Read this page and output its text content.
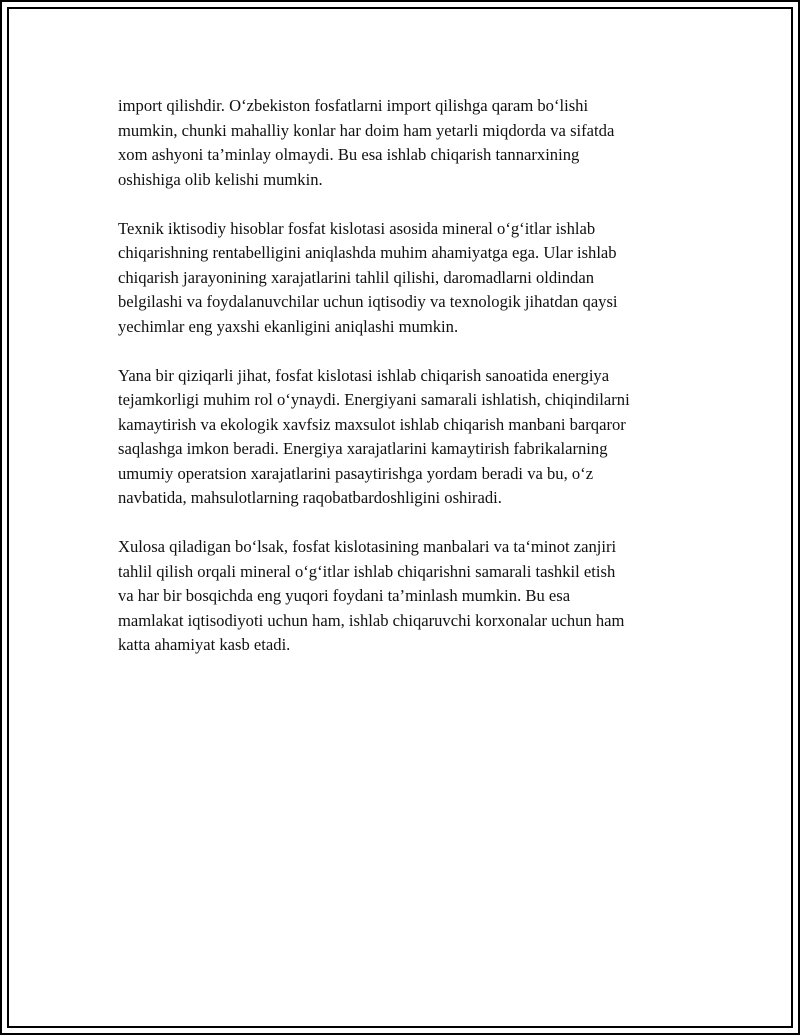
import qilishdir. O‘zbekiston fosfatlarni import qilishga qaram bo‘lishi
mumkin, chunki mahalliy konlar har doim ham yetarli miqdorda va sifatda
xom ashyoni ta’minlay olmaydi. Bu esa ishlab chiqarish tannarxining
oshishiga olib kelishi mumkin.

Texnik iktisodiy hisoblar fosfat kislotasi asosida mineral o‘g‘itlar ishlab
chiqarishning rentabelligini aniqlashda muhim ahamiyatga ega. Ular ishlab
chiqarish jarayonining xarajatlarini tahlil qilishi, daromadlarni oldindan
belgilashi va foydalanuvchilar uchun iqtisodiy va texnologik jihatdan qaysi
yechimlar eng yaxshi ekanligini aniqlashi mumkin.

Yana bir qiziqarli jihat, fosfat kislotasi ishlab chiqarish sanoatida energiya
tejamkorligi muhim rol o‘ynaydi. Energiyani samarali ishlatish, chiqindilarni
kamaytirish va ekologik xavfsiz maxsulot ishlab chiqarish manbani barqaror
saqlashga imkon beradi. Energiya xarajatlarini kamaytirish fabrikalarning
umumiy operatsion xarajatlarini pasaytirishga yordam beradi va bu, o‘z
navbatida, mahsulotlarning raqobatbardoshligini oshiradi.

Xulosa qiladigan bo‘lsak, fosfat kislotasining manbalari va ta‘minot zanjiri
tahlil qilish orqali mineral o‘g‘itlar ishlab chiqarishni samarali tashkil etish
va har bir bosqichda eng yuqori foydani ta’minlash mumkin. Bu esa
mamlakat iqtisodiyoti uchun ham, ishlab chiqaruvchi korxonalar uchun ham
katta ahamiyat kasb etadi.
